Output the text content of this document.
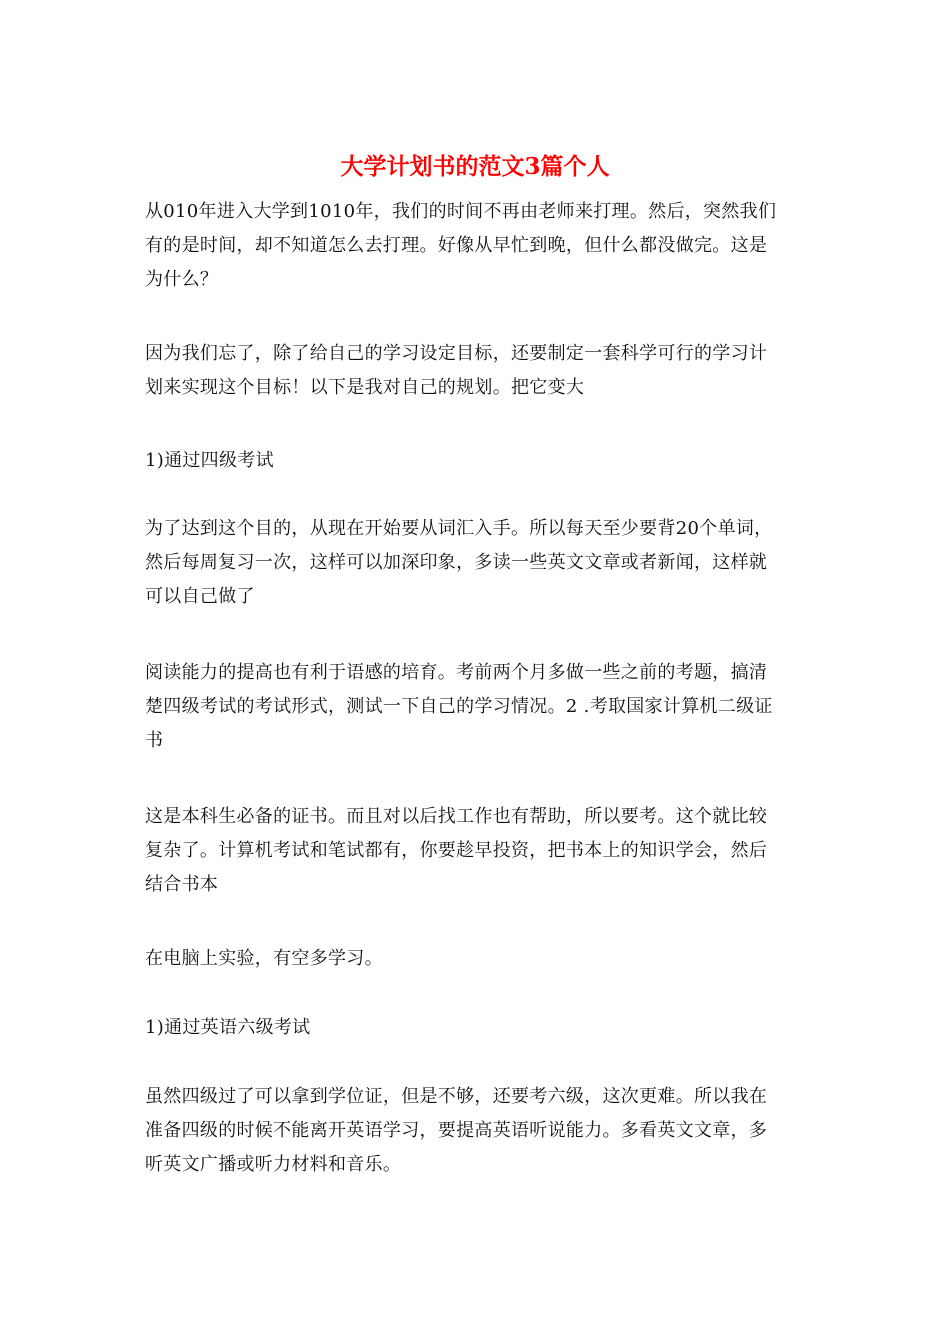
大学计划书的范文3篇个人

从010年进入大学到1010年，我们的时间不再由老师来打理。然后，突然我们
有的是时间，却不知道怎么去打理。好像从早忙到晚，但什么都没做完。这是
为什么？

因为我们忘了，除了给自己的学习设定目标，还要制定一套科学可行的学习计
划来实现这个目标！以下是我对自己的规划。把它变大

1)通过四级考试

为了达到这个目的，从现在开始要从词汇入手。所以每天至少要背20个单词，
然后每周复习一次，这样可以加深印象，多读一些英文文章或者新闻，这样就
可以自己做了

阅读能力的提高也有利于语感的培育。考前两个月多做一些之前的考题，搞清
楚四级考试的考试形式，测试一下自己的学习情况。2 .考取国家计算机二级证
书

这是本科生必备的证书。而且对以后找工作也有帮助，所以要考。这个就比较
复杂了。计算机考试和笔试都有，你要趁早投资，把书本上的知识学会，然后
结合书本

在电脑上实验，有空多学习。

1)通过英语六级考试

虽然四级过了可以拿到学位证，但是不够，还要考六级，这次更难。所以我在
准备四级的时候不能离开英语学习，要提高英语听说能力。多看英文文章，多
听英文广播或听力材料和音乐。
